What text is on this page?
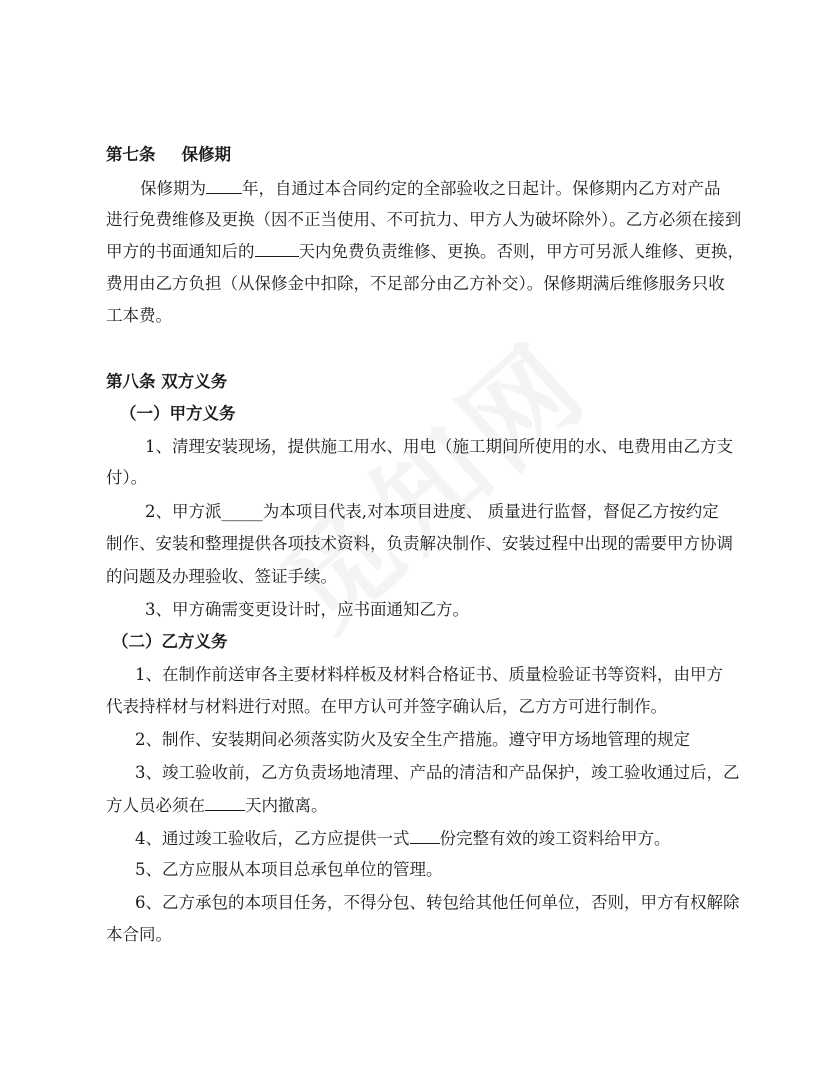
第七条 保修期
保修期为 年，自通过本合同约定的全部验收之日起计。保修期内乙方对产品
进行免费维修及更换（因不正当使用、不可抗力、甲方人为破坏除外）。乙方必须在接到
甲方的书面通知后的	天内免费负责维修、更换。否则，甲方可另派人维修、更换，
费用由乙方负担（从保修金中扣除，不足部分由乙方补交）。保修期满后维修服务只收
工本费。
第八条 双方义务
（一）甲方义务
1、清理安装现场，提供施工用水、用电（施工期间所使用的水、电费用由乙方支
付）。
2、甲方派_____为本项目代表,对本项目进度、 质量进行监督，督促乙方按约定
制作、安装和整理提供各项技术资料，负责解决制作、安装过程中出现的需要甲方协调
的问题及办理验收、签证手续。
3、甲方确需变更设计时，应书面通知乙方。
（二）乙方义务
1、在制作前送审各主要材料样板及材料合格证书、质量检验证书等资料，由甲方
代表持样材与材料进行对照。在甲方认可并签字确认后，乙方方可进行制作。
2、制作、安装期间必须落实防火及安全生产措施。遵守甲方场地管理的规定
3、竣工验收前，乙方负责场地清理、产品的清洁和产品保护，竣工验收通过后，乙
方人员必须在 天内撤离。
4、通过竣工验收后，乙方应提供一式 份完整有效的竣工资料给甲方。
5、乙方应服从本项目总承包单位的管理。
6、乙方承包的本项目任务，不得分包、转包给其他任何单位，否则，甲方有权解除
本合同。
